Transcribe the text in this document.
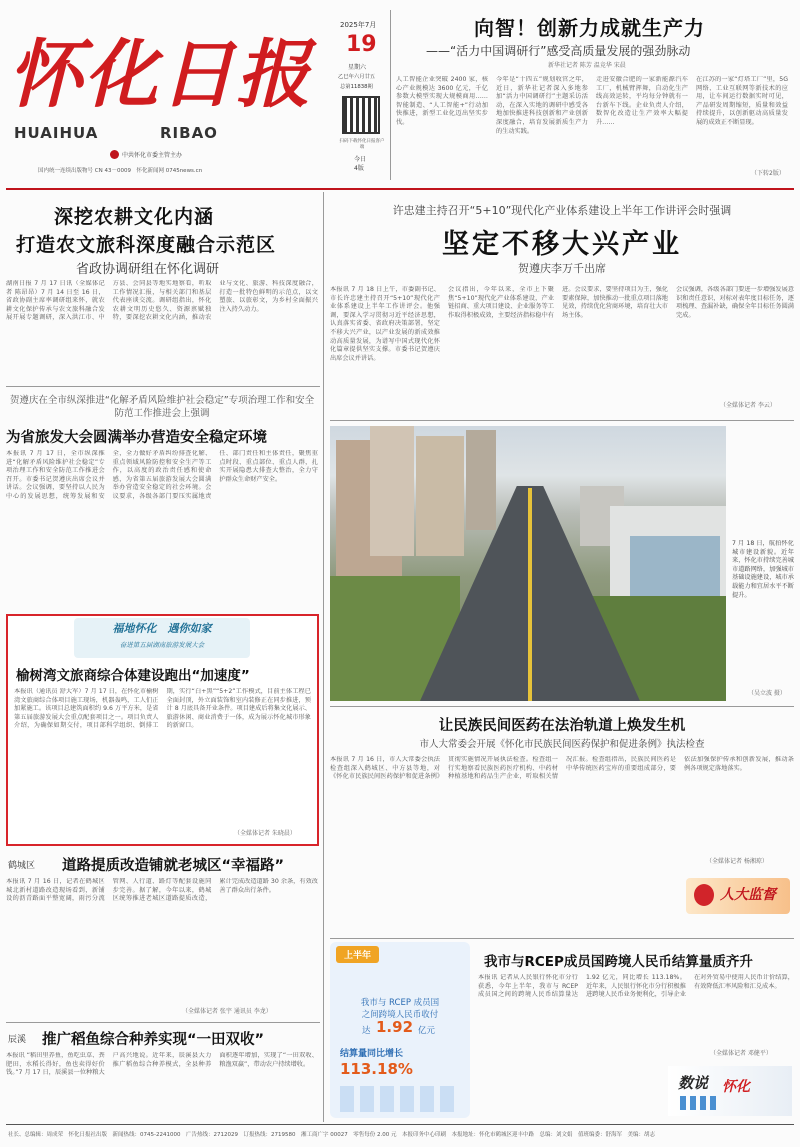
怀化日报
HUAIHUA	RIBAO
中共怀化市委主管主办
国内统一连续出版物号 CN 43－0009　怀化新闻网 0745news.cn
2025年7月
19
星期六
乙巳年六月廿五
总第11838期
扫码下载怀化日报客户端
今日
4版
向智！创新力成就生产力
——“活力中国调研行”感受高质量发展的强劲脉动
新华社记者 陈芳 温竞华 宋晨
人工智能企业突破 2400 家，核心产业规模达 3600 亿元，千亿参数大模型实现大规模商用……智能制造、“人工智能+”行动加快推进，新型工业化迈出坚实步伐。
今年是“十四五”规划收官之年，近日，新华社记者深入多地参加“活力中国调研行”主题采访活动，在深入实地的调研中感受各地加快推进科技创新和产业创新深度融合，培育发展新质生产力的生动实践。
走进安徽合肥的一家新能源汽车工厂，机械臂挥舞，自动化生产线高效运转，平均每分钟就有一台新车下线。企业负责人介绍，数智化改造让生产效率大幅提升……
在江苏的一家“灯塔工厂”里，5G 网络、工业互联网等新技术的应用，让车间运行数据实时可见，产品研发周期缩短，质量和效益持续提升，以创新驱动高质量发展的成效正不断显现。
（下转2版）
深挖农耕文化内涵
打造农文旅科深度融合示范区
省政协调研组在怀化调研
湖南日报 7 月 17 日讯（全媒体记者 陈昂昂）7 月 14 日至 16 日，省政协副主席率调研组来怀，就农耕文化保护传承与农文旅科融合发展开展专题调研，深入洪江市、中方县、会同县等地实地察看，听取工作情况汇报，与相关部门和基层代表座谈交流。调研组指出，怀化农耕文明历史悠久、资源禀赋独特，要深挖农耕文化内涵，推动农业与文化、旅游、科技深度融合，打造一批特色鲜明的示范点，以文塑旅、以旅彰文，为乡村全面振兴注入持久动力。
贺遵庆在全市纵深推进“化解矛盾风险维护社会稳定”专项治理工作和安全防范工作推进会上强调
为省旅发大会圆满举办营造安全稳定环境
本报讯 7 月 17 日，全市纵深推进“化解矛盾风险维护社会稳定”专项治理工作和安全防范工作推进会召开。市委书记贺遵庆出席会议并讲话。会议强调，要坚持以人民为中心的发展思想，统筹发展和安全，全力做好矛盾纠纷排查化解、重点领域风险防控和安全生产等工作，以高度的政治责任感和使命感，为省第五届旅游发展大会圆满举办营造安全稳定的社会环境。会议要求，各级各部门要压实属地责任、部门责任和主体责任，聚焦重点时段、重点部位、重点人群，扎实开展隐患大排查大整治，全力守护群众生命财产安全。
福地怀化　遇你如家
奋进第五届湖南旅游发展大会
榆树湾文旅商综合体建设跑出“加速度”
本报讯（通讯员 舒大军）7 月 17 日，在怀化市榆树湾文旅商综合体项目施工现场，机器轰鸣，工人们正加紧施工。该项目总建筑面积约 9.6 万平方米，是省第五届旅游发展大会重点配套项目之一。项目负责人介绍，为确保如期交付，项目部科学组织、倒排工期，实行“白+黑”“5+2”工作模式，目前主体工程已全面封顶，外立面装饰和室内装修正在同步推进，预计 8 月底具备开业条件。项目建成后将集文化展示、旅游休闲、商业消费于一体，成为展示怀化城市形象的新窗口。
（全媒体记者 朱晓晨）
鹤城区 道路提质改造铺就老城区“幸福路”
本报讯 7 月 16 日，记者在鹤城区城北新村道路改造现场看到，新铺设的沥青路面平整宽阔，雨污分流管网、人行道、路灯等配套设施同步完善。据了解，今年以来，鹤城区统筹推进老城区道路提质改造，累计完成改造道路 30 余条，有效改善了群众出行条件。
（全媒体记者 张宇 通讯员 李龙）
辰溪 推广稻鱼综合种养实现“一田双收”
本报讯 “稻田里养鱼，鱼吃虫草、粪肥田，水稻长得好，鱼也卖得好价钱。”7 月 17 日，辰溪县一位种粮大户高兴地说。近年来，辰溪县大力推广稻鱼综合种养模式，全县种养面积逐年增加，实现了“一田双收、粮渔双赢”，带动农户持续增收。
许忠建主持召开“5+10”现代化产业体系建设上半年工作讲评会时强调
坚定不移大兴产业
贺遵庆李万千出席
本报讯 7 月 18 日上午，市委副书记、市长许忠建主持召开“5+10”现代化产业体系建设上半年工作讲评会。他强调，要深入学习贯彻习近平经济思想，认真落实省委、省政府决策部署，坚定不移大兴产业，以产业发展的新成效推动高质量发展，为谱写中国式现代化怀化篇章提供坚实支撑。市委书记贺遵庆出席会议并讲话。
会议指出，今年以来，全市上下聚焦“5+10”现代化产业体系建设，产业链招商、重大项目建设、企业服务等工作取得积极成效，主要经济指标稳中有进。会议要求，要坚持项目为王，强化要素保障，加快推动一批重点项目落地见效，持续优化营商环境，培育壮大市场主体。
会议强调，各级各部门要进一步增强发展意识和责任意识，对标对表年度目标任务，逐项梳理、查漏补缺，确保全年目标任务圆满完成。
（全媒体记者 李云）
7 月 18 日，航拍怀化城市建设新貌。近年来，怀化市持续完善城市道路网络，加强城市基础设施建设，城市承载能力和宜居水平不断提升。
（吴立波 摄）
让民族民间医药在法治轨道上焕发生机
市人大常委会开展《怀化市民族民间医药保护和促进条例》执法检查
本报讯 7 月 16 日，市人大常委会执法检查组深入鹤城区、中方县等地，对《怀化市民族民间医药保护和促进条例》贯彻实施情况开展执法检查。检查组一行实地察看民族医药医疗机构、中药材种植基地和药品生产企业，听取相关情况汇报。检查组指出，民族民间医药是中华传统医药宝库的重要组成部分，要依法加强保护传承和创新发展，推动条例各项规定落地落实。
（全媒体记者 杨湘琼）
人大监督
上半年
我市与 RCEP 成员国
之间跨境人民币收付
达 1.92 亿元
结算量同比增长
113.18%
我市与RCEP成员国跨境人民币结算量质齐升
本报讯 记者从人民银行怀化市分行获悉，今年上半年，我市与 RCEP 成员国之间的跨境人民币结算量达 1.92 亿元，同比增长 113.18%。近年来，人民银行怀化市分行积极推进跨境人民币业务便利化，引导企业在对外贸易中使用人民币计价结算，有效降低汇率风险和汇兑成本。
（全媒体记者 邓健平）
数说 怀化
社长、总编辑：周成荣　怀化日报社出版　新闻热线：0745-2241000　广告热线：2712029　订报热线：2719580　湘工商广字 00027　零售每份 2.00 元　本报印务中心印刷　本报地址：怀化市鹤城区迎丰中路　总编：刘文娟　值班编委：舒海军　美编：胡志
